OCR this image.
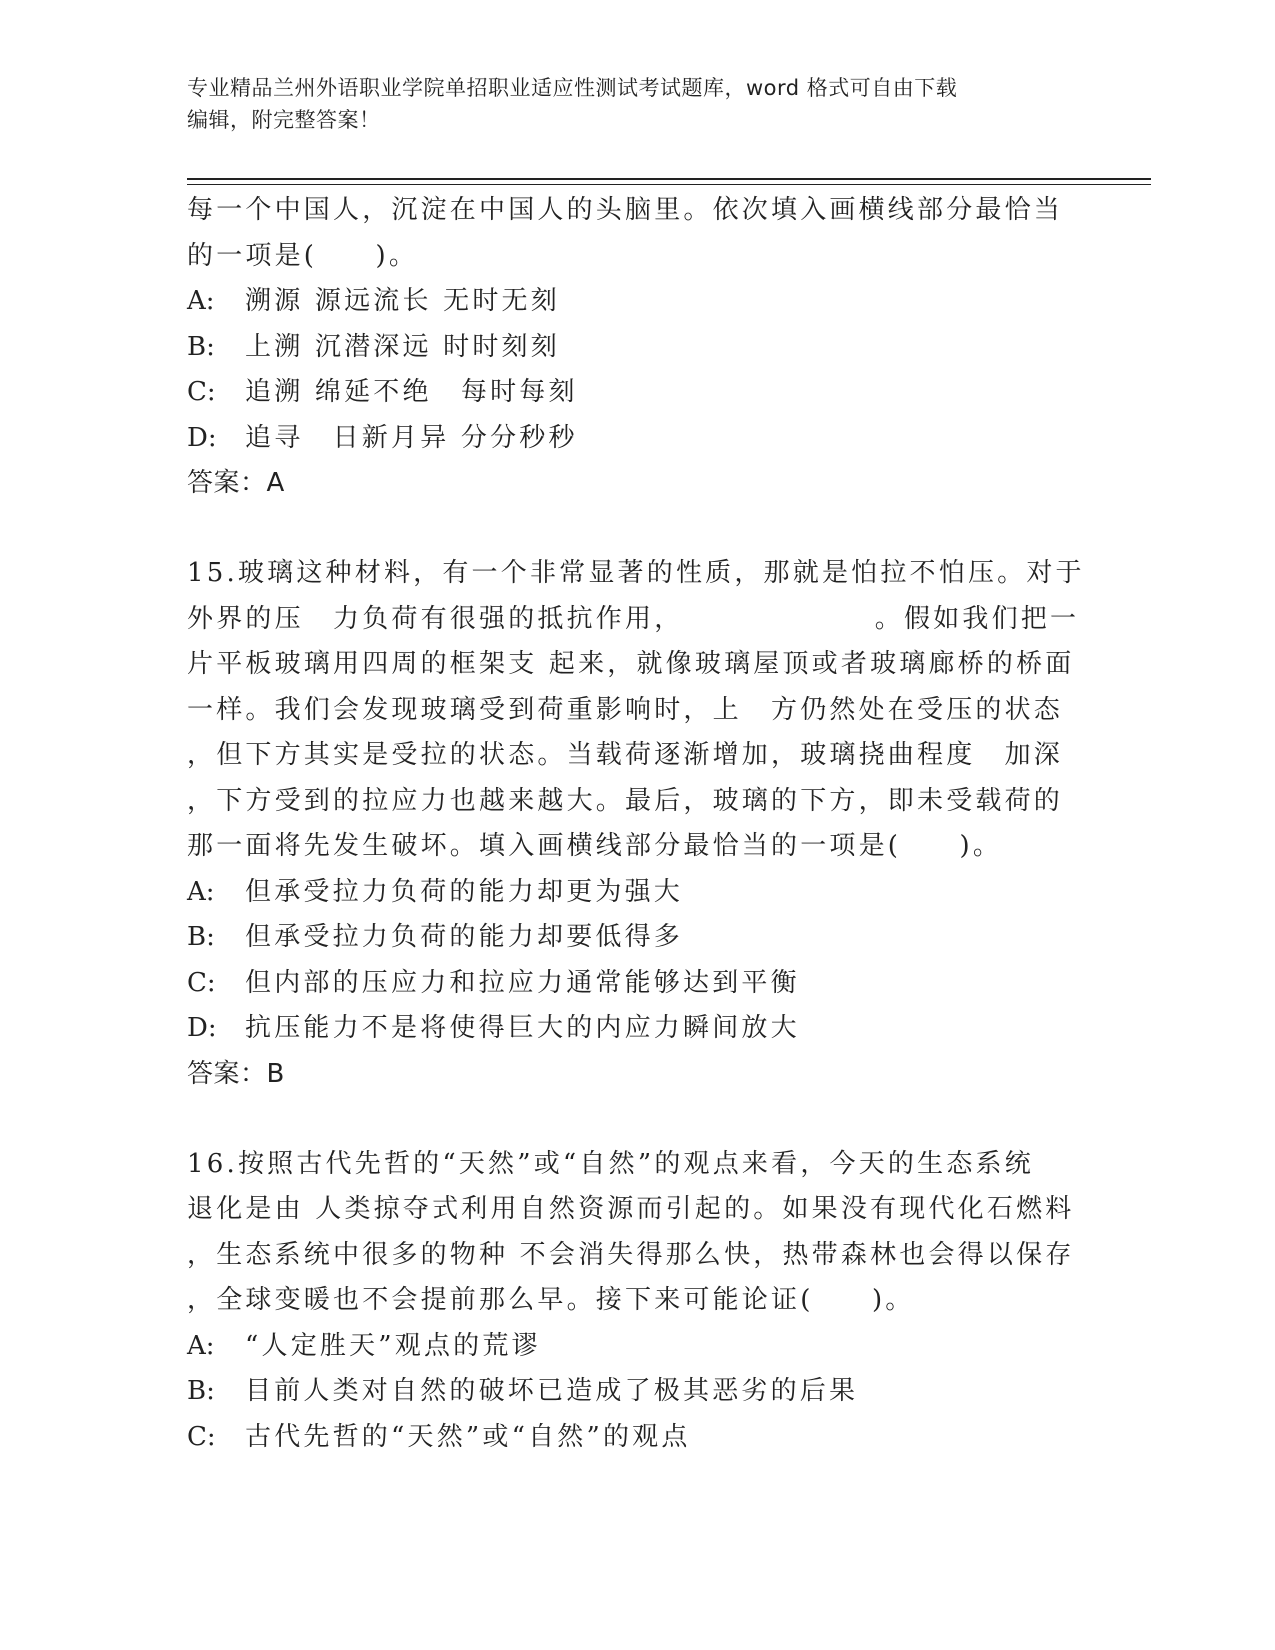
专业精品兰州外语职业学院单招职业适应性测试考试题库，word 格式可自由下载
编辑，附完整答案！
每一个中国人，沉淀在中国人的头脑里。依次填入画横线部分最恰当
的一项是(　　)。
A: 溯源 源远流长 无时无刻
B: 上溯 沉潜深远 时时刻刻
C: 追溯 绵延不绝　每时每刻
D: 追寻　日新月异 分分秒秒
答案：A
15.玻璃这种材料，有一个非常显著的性质，那就是怕拉不怕压。对于
外界的压　力负荷有很强的抵抗作用，　　　　　　　。假如我们把一
片平板玻璃用四周的框架支 起来，就像玻璃屋顶或者玻璃廊桥的桥面
一样。我们会发现玻璃受到荷重影响时，上　方仍然处在受压的状态
，但下方其实是受拉的状态。当载荷逐渐增加，玻璃挠曲程度　加深
，下方受到的拉应力也越来越大。最后，玻璃的下方，即未受载荷的
那一面将先发生破坏。填入画横线部分最恰当的一项是(　　)。
A: 但承受拉力负荷的能力却更为强大
B: 但承受拉力负荷的能力却要低得多
C: 但内部的压应力和拉应力通常能够达到平衡
D: 抗压能力不是将使得巨大的内应力瞬间放大
答案：B
16.按照古代先哲的“天然”或“自然”的观点来看，今天的生态系统
退化是由 人类掠夺式利用自然资源而引起的。如果没有现代化石燃料
，生态系统中很多的物种 不会消失得那么快，热带森林也会得以保存
，全球变暖也不会提前那么早。接下来可能论证(　　)。
A: “人定胜天”观点的荒谬
B: 目前人类对自然的破坏已造成了极其恶劣的后果
C: 古代先哲的“天然”或“自然”的观点
